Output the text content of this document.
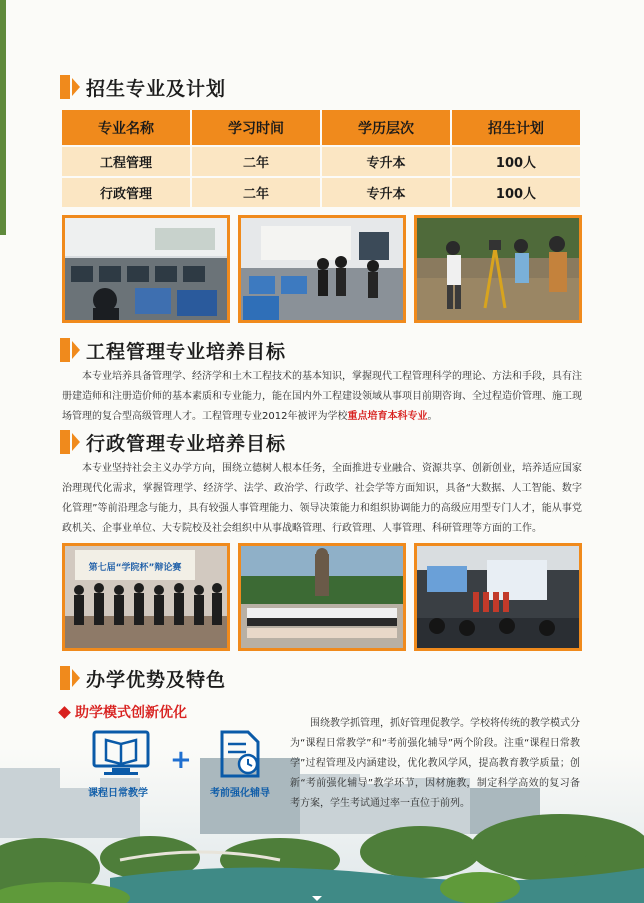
招生专业及计划
专业名称	学习时间	学历层次	招生计划
工程管理	二年	专升本	100人
行政管理	二年	专升本	100人
工程管理专业培养目标
本专业培养具备管理学、经济学和土木工程技术的基本知识，掌握现代工程管理科学的理论、方法和手段，具有注册建造师和注册造价师的基本素质和专业能力，能在国内外工程建设领域从事项目前期咨询、全过程造价管理、施工现场管理的复合型高级管理人才。工程管理专业2012年被评为学校重点培育本科专业。
行政管理专业培养目标
本专业坚持社会主义办学方向，围绕立德树人根本任务，全面推进专业融合、资源共享、创新创业，培养适应国家治理现代化需求，掌握管理学、经济学、法学、政治学、行政学、社会学等方面知识，具备“大数据、人工智能、数字化管理”等前沿理念与能力，具有较强人事管理能力、领导决策能力和组织协调能力的高级应用型专门人才，能从事党政机关、企事业单位、大专院校及社会组织中从事战略管理、行政管理、人事管理、科研管理等方面的工作。
第七届“学院杯”辩论赛
办学优势及特色
助学模式创新优化
+
课程日常教学	考前强化辅导
围绕教学抓管理，抓好管理促教学。学校将传统的教学模式分为“课程日常教学”和“考前强化辅导”两个阶段。注重“课程日常教学”过程管理及内涵建设，优化教风学风，提高教育教学质量；创新“考前强化辅导”教学环节，因材施教，制定科学高效的复习备考方案，学生考试通过率一直位于前列。
